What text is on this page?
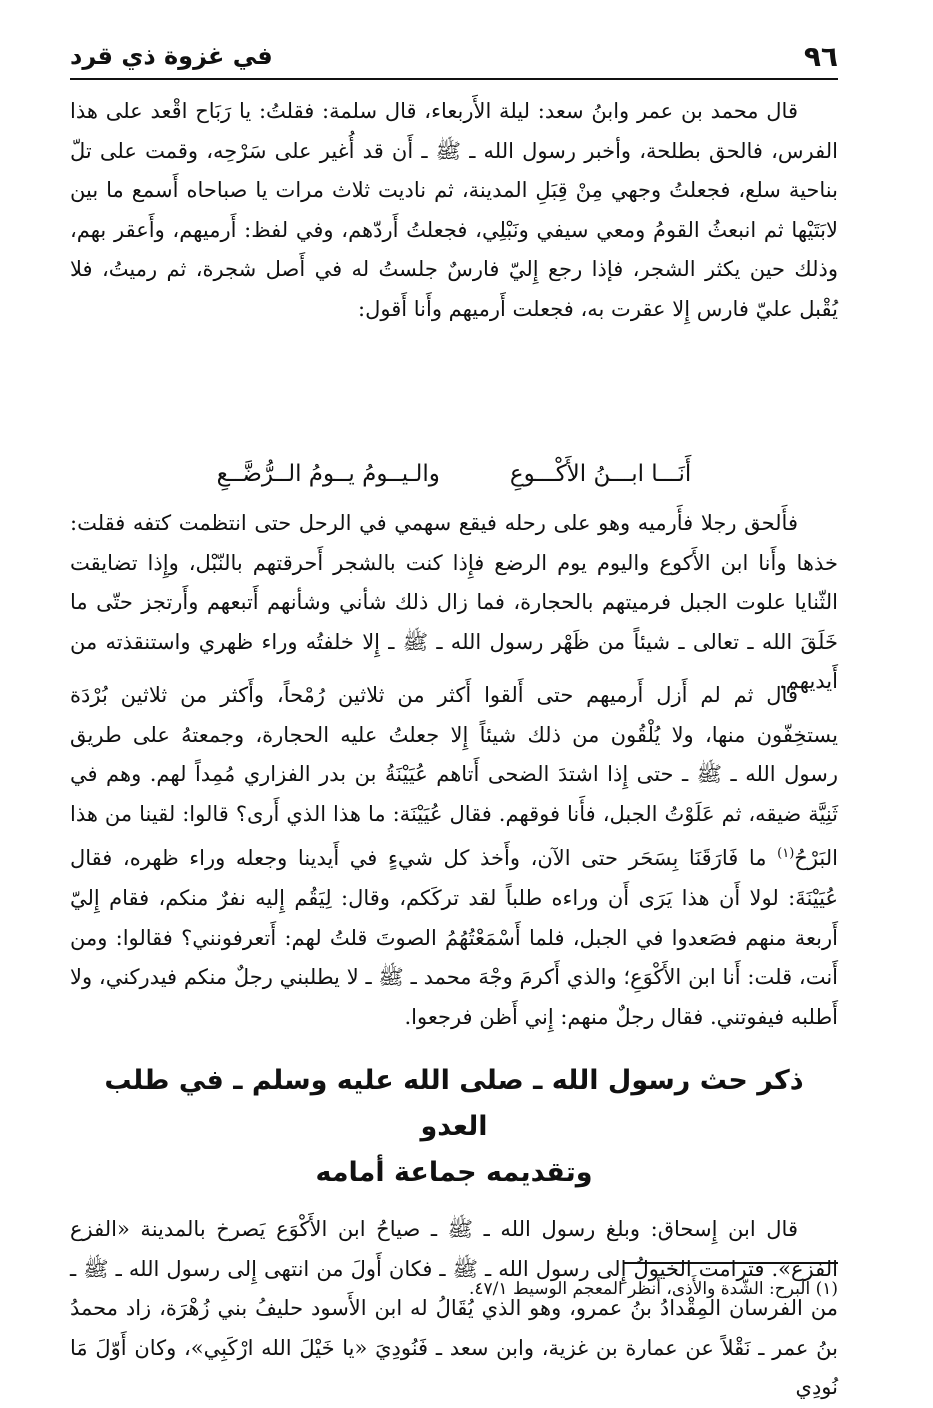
٩٦
في غزوة ذي قرد

قال محمد بن عمر وابنُ سعد: ليلة الأَربعاء، قال سلمة: فقلتُ: يا رَبَاح اقْعد على هذا الفرس، فالحق بطلحة، وأخبر رسول الله ـ ﷺ ـ أَن قد أُغير على سَرْحِه، وقمت على تلّ بناحية سلع، فجعلتُ وجهي مِنْ قِبَلِ المدينة، ثم ناديت ثلاث مرات يا صباحاه أَسمع ما بين لابَتَيْها ثم انبعثُ القومُ ومعي سيفي ونَبْلِي، فجعلتُ أَردّهم، وفي لفظ: أَرميهم، وأَعقر بهم، وذلك حين يكثر الشجر، فإذا رجع إِليّ فارسٌ جلستُ له في أَصل شجرة، ثم رميتُ، فلا يُقْبل عليّ فارس إِلا عقرت به، فجعلت أَرميهم وأَنا أَقول:

أَنَـــا ابـــنُ الأَكْـــوعِ
والـيــومُ يــومُ الــرُّضَّــعِ

فأَلحق رجلا فأَرميه وهو على رحله فيقع سهمي في الرحل حتى انتظمت كتفه فقلت: خذها وأَنا ابن الأَكوع واليوم يوم الرضع فإِذا كنت بالشجر أَحرقتهم بالنّبْل، وإِذا تضايقت الثّنايا علوت الجبل فرميتهم بالحجارة، فما زال ذلك شأني وشأنهم أَتبعهم وأَرتجز حتّى ما خَلَقَ الله ـ تعالى ـ شيئاً من ظَهْر رسول الله ـ ﷺ ـ إِلا خلفتُه وراء ظهري واستنقذته من أَيديهم.

قال ثم لم أَزل أَرميهم حتى أَلقوا أَكثر من ثلاثين رُمْحاً، وأَكثر من ثلاثين بُرْدَة يستخِفّون منها، ولا يُلْقُون من ذلك شيئاً إِلا جعلتُ عليه الحجارة، وجمعتهُ على طريق رسول الله ـ ﷺ ـ حتى إِذا اشتدَ الضحى أَتاهم عُيَيْنَةُ بن بدر الفزاري مُمِداً لهم. وهم في ثَنِيَّة ضيقه، ثم عَلَوْتُ الجبل، فأَنا فوقهم. فقال عُيَيْنَة: ما هذا الذي أَرى؟ قالوا: لقينا من هذا البَرْحُ$^{(١)}$ ما فَارَقَنَا بِسَحَر حتى الآن، وأَخذ كل شيءٍ في أَيدينا وجعله وراء ظهره، فقال عُيَيْنَةَ: لولا أَن هذا يَرَى أَن وراءه طلباً لقد تركَكم، وقال: لِيَقُم إِليه نفرٌ منكم، فقام إِليّ أَربعة منهم فصَعدوا في الجبل، فلما أَسْمَعْتُهُمُ الصوتَ قلتُ لهم: أَتعرفونني؟ فقالوا: ومن أَنت، قلت: أَنا ابن الأَكْوَعِ؛ والذي أَكرمَ وجْهَ محمد ـ ﷺ ـ لا يطلبني رجلٌ منكم فيدركني، ولا أَطلبه فيفوتني. فقال رجلٌ منهم: إِني أَظن فرجعوا.

ذكر حث رسول الله ـ صلى الله عليه وسلم ـ في طلب العدو
وتقديمه جماعة أمامه

قال ابن إِسحاق: وبلغ رسول الله ـ ﷺ ـ صياحُ ابن الأَكْوَع يَصرخ بالمدينة «الفزع الفزع». فترامت الخيولُ إِلى رسول الله ـ ﷺ ـ فكان أَولَ من انتهى إِلى رسول الله ـ ﷺ ـ من الفرسان المِقْدادُ بنُ عمرو، وهو الذي يُقَالُ له ابن الأَسود حليفُ بني زُهْرَة، زاد محمدُ بنُ عمر ـ نَقْلاً عن عمارة بن غزية، وابن سعد ـ فَنُودِيَ «يا خَيْلَ الله ارْكَبِي»، وكان أَوّلَ مَا نُودِي

(١) البرح: الشّدة والأَذى، أنظر المعجم الوسيط ٤٧/١.
